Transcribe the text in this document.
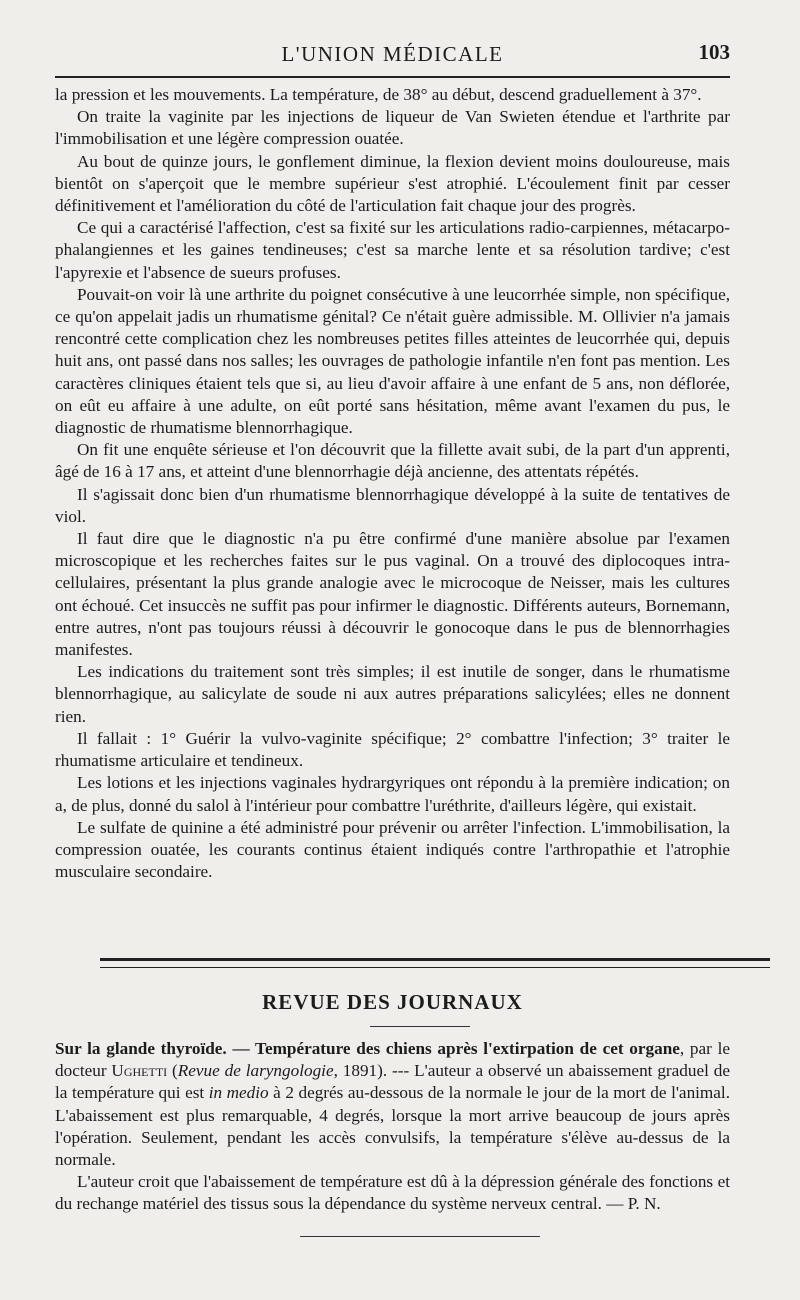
L'UNION MÉDICALE	103

la pression et les mouvements. La température, de 38° au début, descend graduellement à 37°.

On traite la vaginite par les injections de liqueur de Van Swieten étendue et l'arthrite par l'immobilisation et une légère compression ouatée.

Au bout de quinze jours, le gonflement diminue, la flexion devient moins douloureuse, mais bientôt on s'aperçoit que le membre supérieur s'est atrophié. L'écoulement finit par cesser définitivement et l'amélioration du côté de l'articulation fait chaque jour des progrès.

Ce qui a caractérisé l'affection, c'est sa fixité sur les articulations radio-carpiennes, métacarpo-phalangiennes et les gaines tendineuses; c'est sa marche lente et sa résolution tardive; c'est l'apyrexie et l'absence de sueurs profuses.

Pouvait-on voir là une arthrite du poignet consécutive à une leucorrhée simple, non spécifique, ce qu'on appelait jadis un rhumatisme génital? Ce n'était guère admissible. M. Ollivier n'a jamais rencontré cette complication chez les nombreuses petites filles atteintes de leucorrhée qui, depuis huit ans, ont passé dans nos salles; les ouvrages de pathologie infantile n'en font pas mention. Les caractères cliniques étaient tels que si, au lieu d'avoir affaire à une enfant de 5 ans, non déflorée, on eût eu affaire à une adulte, on eût porté sans hésitation, même avant l'examen du pus, le diagnostic de rhumatisme blennorrhagique.

On fit une enquête sérieuse et l'on découvrit que la fillette avait subi, de la part d'un apprenti, âgé de 16 à 17 ans, et atteint d'une blennorrhagie déjà ancienne, des attentats répétés.

Il s'agissait donc bien d'un rhumatisme blennorrhagique développé à la suite de tentatives de viol.

Il faut dire que le diagnostic n'a pu être confirmé d'une manière absolue par l'examen microscopique et les recherches faites sur le pus vaginal. On a trouvé des diplocoques intra-cellulaires, présentant la plus grande analogie avec le microcoque de Neisser, mais les cultures ont échoué. Cet insuccès ne suffit pas pour infirmer le diagnostic. Différents auteurs, Bornemann, entre autres, n'ont pas toujours réussi à découvrir le gonocoque dans le pus de blennorrhagies manifestes.

Les indications du traitement sont très simples; il est inutile de songer, dans le rhumatisme blennorrhagique, au salicylate de soude ni aux autres préparations salicylées; elles ne donnent rien.

Il fallait : 1° Guérir la vulvo-vaginite spécifique; 2° combattre l'infection; 3° traiter le rhumatisme articulaire et tendineux.

Les lotions et les injections vaginales hydrargyriques ont répondu à la première indication; on a, de plus, donné du salol à l'intérieur pour combattre l'uréthrite, d'ailleurs légère, qui existait.

Le sulfate de quinine a été administré pour prévenir ou arrêter l'infection. L'immobilisation, la compression ouatée, les courants continus étaient indiqués contre l'arthropathie et l'atrophie musculaire secondaire.

REVUE DES JOURNAUX

Sur la glande thyroïde. — Température des chiens après l'extirpation de cet organe, par le docteur Ughetti (Revue de laryngologie, 1891). --- L'auteur a observé un abaissement graduel de la température qui est in medio à 2 degrés au-dessous de la normale le jour de la mort de l'animal. L'abaissement est plus remarquable, 4 degrés, lorsque la mort arrive beaucoup de jours après l'opération. Seulement, pendant les accès convulsifs, la température s'élève au-dessus de la normale.

L'auteur croit que l'abaissement de température est dû à la dépression générale des fonctions et du rechange matériel des tissus sous la dépendance du système nerveux central. — P. N.
